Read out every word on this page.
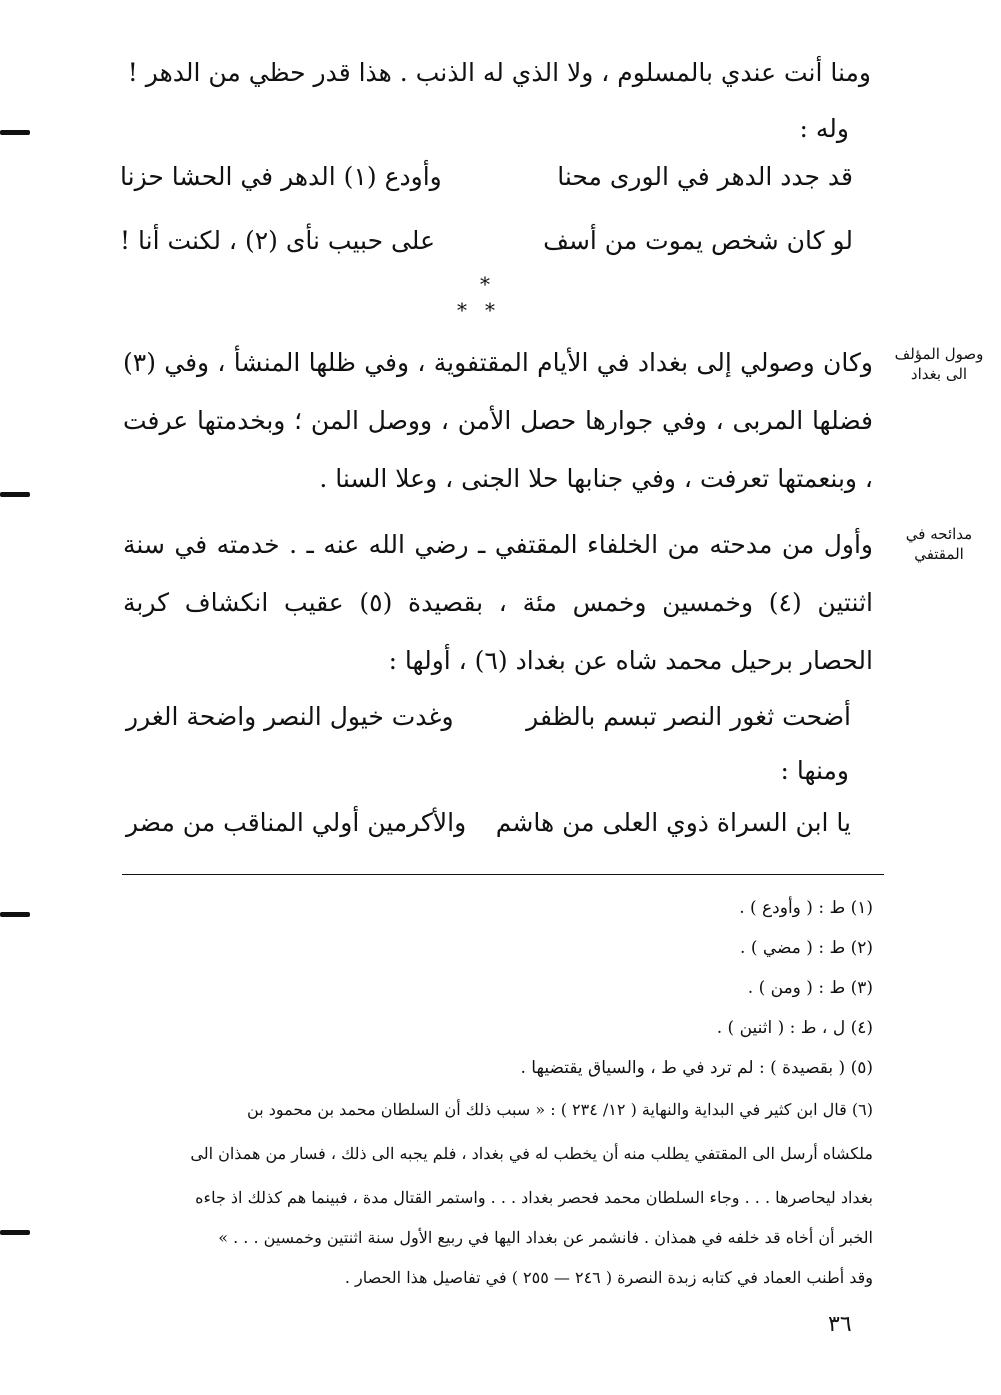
ومنا أنت عندي بالمسلوم ، ولا الذي له الذنب . هذا قدر حظي من الدهر !
وله :
قد جدد الدهر في الورى محنا
وأودع (١) الدهر في الحشا حزنا
لو كان شخص يموت من أسف
على حبيب نأى (٢) ، لكنت أنا !
*
**
وصول المؤلف الى بغداد
وكان وصولي إلى بغداد في الأيام المقتفوية ، وفي ظلها المنشأ ، وفي (٣) فضلها المربى ، وفي جوارها حصل الأمن ، ووصل المن ؛ وبخدمتها عرفت ، وبنعمتها تعرفت ، وفي جنابها حلا الجنى ، وعلا السنا .
مدائحه في المقتفي
وأول من مدحته من الخلفاء المقتفي ـ رضي الله عنه ـ . خدمته في سنة اثنتين (٤) وخمسين وخمس مئة ، بقصيدة (٥) عقيب انكشاف كربة الحصار برحيل محمد شاه عن بغداد (٦) ، أولها :
أضحت ثغور النصر تبسم بالظفر
وغدت خيول النصر واضحة الغرر
ومنها :
يا ابن السراة ذوي العلى من هاشم
والأكرمين أولي المناقب من مضر
(١) ط : ( وأودع ) .
(٢) ط : ( مضي ) .
(٣) ط : ( ومن ) .
(٤) ل ، ط : ( اثنين ) .
(٥) ( بقصيدة ) : لم ترد في ط ، والسياق يقتضيها .
(٦) قال ابن كثير في البداية والنهاية ( ١٢/ ٢٣٤ ) : « سبب ذلك أن السلطان محمد بن محمود بن
ملكشاه أرسل الى المقتفي يطلب منه أن يخطب له في بغداد ، فلم يجبه الى ذلك ، فسار من همذان الى
بغداد ليحاصرها . . . وجاء السلطان محمد فحصر بغداد . . . واستمر القتال مدة ، فبينما هم كذلك اذ جاءه
الخبر أن أخاه قد خلفه في همذان . فانشمر عن بغداد اليها في ربيع الأول سنة اثنتين وخمسين . . . »
وقد أطنب العماد في كتابه زبدة النصرة ( ٢٤٦ — ٢٥٥ ) في تفاصيل هذا الحصار .
٣٦
